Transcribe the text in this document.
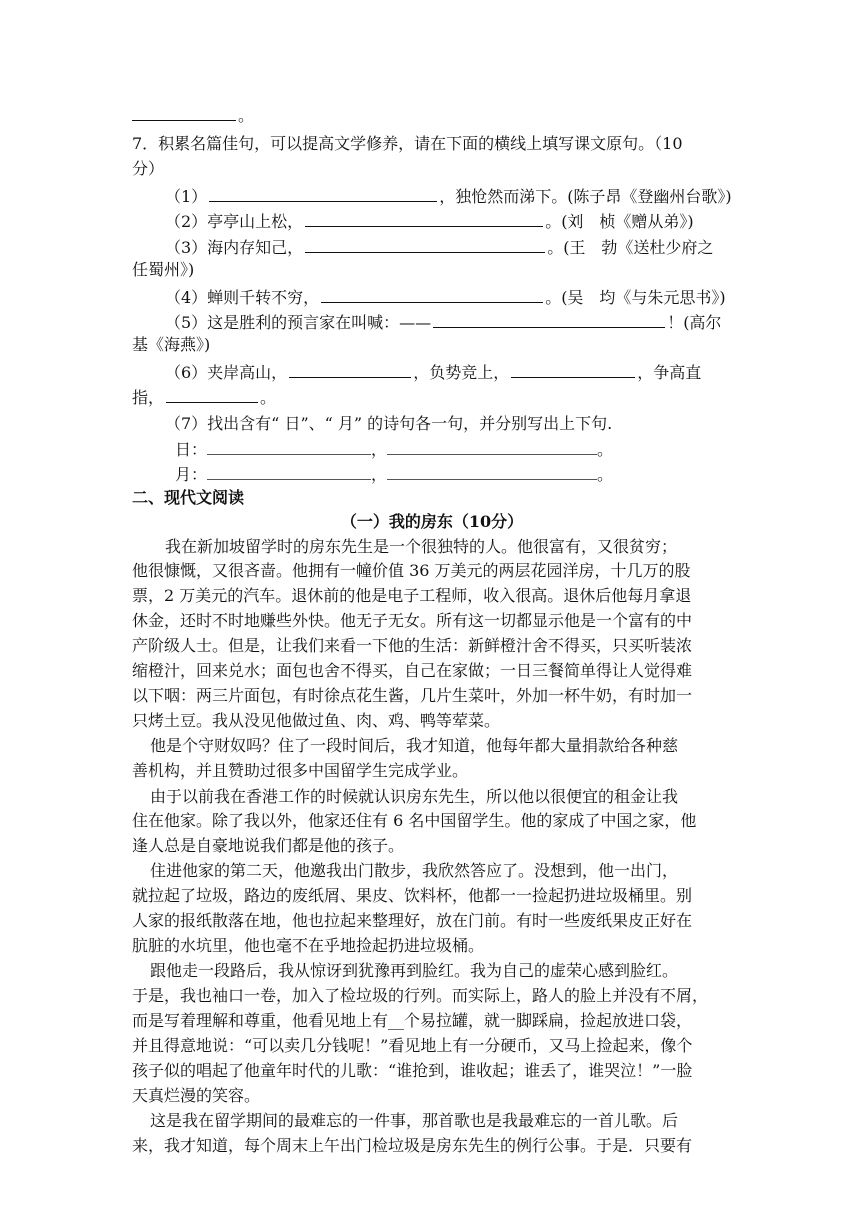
。
7．积累名篇佳句，可以提高文学修养，请在下面的横线上填写课文原句。（10
分）
（1）	，独怆然而涕下。(陈子昂《登幽州台歌》)
（2）亭亭山上松，	。(刘　桢《赠从弟》)
（3）海内存知己，	。(王　勃《送杜少府之
任蜀州》)
（4）蝉则千转不穷，	。(吴　均《与朱元思书》)
（5）这是胜利的预言家在叫喊：——	！(高尔
基《海燕》)
（6）夹岸高山，	，负势竞上，	，争高直
指，	。
（7）找出含有“ 日”、“ 月” 的诗句各一句，并分别写出上下句.
日：	，	。
月：	，	。
二、现代文阅读
（一）我的房东（10分）
我在新加坡留学时的房东先生是一个很独特的人。他很富有，又很贫穷；
他很慷慨，又很吝啬。他拥有一幢价值 36 万美元的两层花园洋房，十几万的股
票，2 万美元的汽车。退休前的他是电子工程师，收入很高。退休后他每月拿退
休金，还时不时地赚些外快。他无子无女。所有这一切都显示他是一个富有的中
产阶级人士。但是，让我们来看一下他的生活：新鲜橙汁舍不得买，只买听装浓
缩橙汁，回来兑水；面包也舍不得买，自己在家做；一日三餐简单得让人觉得难
以下咽：两三片面包，有时徐点花生酱，几片生菜叶，外加一杯牛奶，有时加一
只烤土豆。我从没见他做过鱼、肉、鸡、鸭等荤菜。
他是个守财奴吗？住了一段时间后，我才知道，他每年都大量捐款给各种慈
善机构，并且赞助过很多中国留学生完成学业。
由于以前我在香港工作的时候就认识房东先生，所以他以很便宜的租金让我
住在他家。除了我以外，他家还住有 6 名中国留学生。他的家成了中国之家，他
逢人总是自豪地说我们都是他的孩子。
住进他家的第二天，他邀我出门散步，我欣然答应了。没想到，他一出门，
就拉起了垃圾，路边的废纸屑、果皮、饮料杯，他都一一捡起扔进垃圾桶里。别
人家的报纸散落在地，他也拉起来整理好，放在门前。有时一些废纸果皮正好在
肮脏的水坑里，他也毫不在乎地捡起扔进垃圾桶。
跟他走一段路后，我从惊讶到犹豫再到脸红。我为自己的虚荣心感到脸红。
于是，我也袖口一卷，加入了检垃圾的行列。而实际上，路人的脸上并没有不屑，
而是写着理解和尊重，他看见地上有__个易拉罐，就一脚踩扁，捡起放进口袋，
并且得意地说：“可以卖几分钱呢！”看见地上有一分硬币，又马上捡起来，像个
孩子似的唱起了他童年时代的儿歌：“谁抢到，谁收起；谁丢了，谁哭泣！”一脸
天真烂漫的笑容。
这是我在留学期间的最难忘的一件事，那首歌也是我最难忘的一首儿歌。后
来，我才知道，每个周末上午出门检垃圾是房东先生的例行公事。于是．只要有
